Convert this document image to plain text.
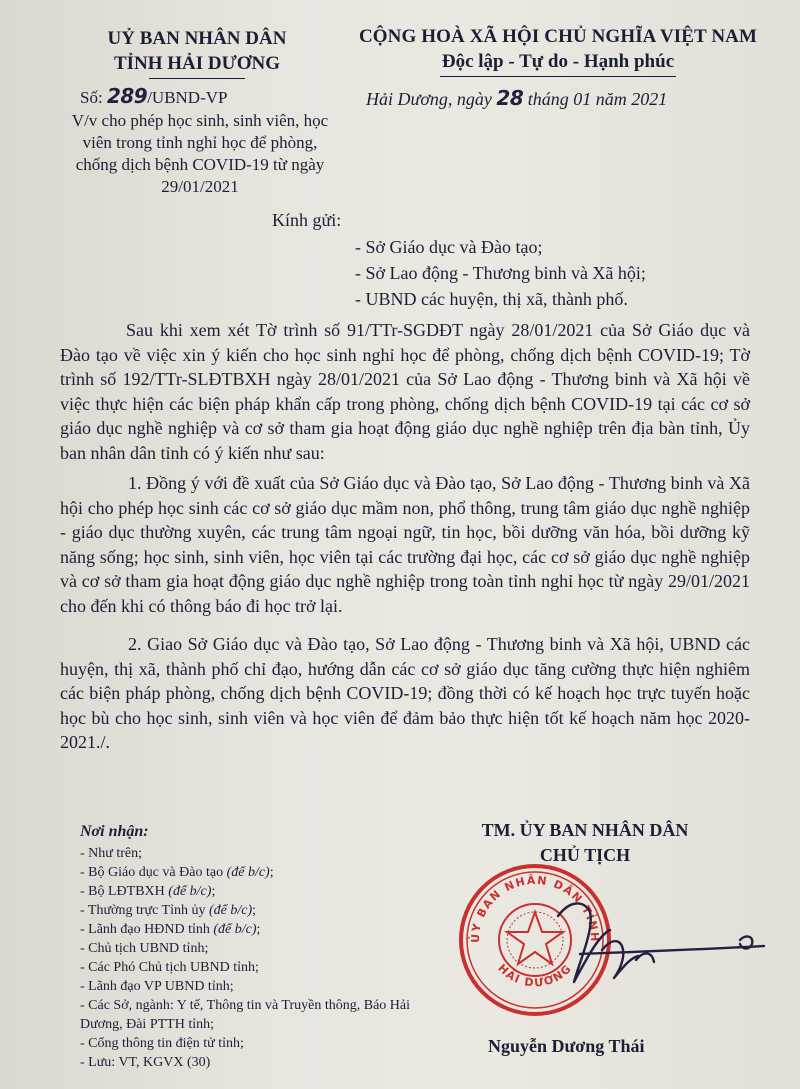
UỶ BAN NHÂN DÂN
TỈNH HẢI DƯƠNG
CỘNG HOÀ XÃ HỘI CHỦ NGHĨA VIỆT NAM
Độc lập - Tự do - Hạnh phúc
Số: 289/UBND-VP
V/v cho phép học sinh, sinh viên, học viên trong tỉnh nghỉ học để phòng, chống dịch bệnh COVID-19 từ ngày 29/01/2021
Hải Dương, ngày 28 tháng 01 năm 2021
Kính gửi:
- Sở Giáo dục và Đào tạo;
- Sở Lao động - Thương binh và Xã hội;
- UBND các huyện, thị xã, thành phố.

Sau khi xem xét Tờ trình số 91/TTr-SGDĐT ngày 28/01/2021 của Sở Giáo dục và Đào tạo về việc xin ý kiến cho học sinh nghỉ học để phòng, chống dịch bệnh COVID-19; Tờ trình số 192/TTr-SLĐTBXH ngày 28/01/2021 của Sở Lao động - Thương binh và Xã hội về việc thực hiện các biện pháp khẩn cấp trong phòng, chống dịch bệnh COVID-19 tại các cơ sở giáo dục nghề nghiệp và cơ sở tham gia hoạt động giáo dục nghề nghiệp trên địa bàn tỉnh, Ủy ban nhân dân tỉnh có ý kiến như sau:

1. Đồng ý với đề xuất của Sở Giáo dục và Đào tạo, Sở Lao động - Thương binh và Xã hội cho phép học sinh các cơ sở giáo dục mầm non, phổ thông, trung tâm giáo dục nghề nghiệp - giáo dục thường xuyên, các trung tâm ngoại ngữ, tin học, bồi dưỡng văn hóa, bồi dưỡng kỹ năng sống; học sinh, sinh viên, học viên tại các trường đại học, các cơ sở giáo dục nghề nghiệp và cơ sở tham gia hoạt động giáo dục nghề nghiệp trong toàn tỉnh nghỉ học từ ngày 29/01/2021 cho đến khi có thông báo đi học trở lại.

2. Giao Sở Giáo dục và Đào tạo, Sở Lao động - Thương binh và Xã hội, UBND các huyện, thị xã, thành phố chỉ đạo, hướng dẫn các cơ sở giáo dục tăng cường thực hiện nghiêm các biện pháp phòng, chống dịch bệnh COVID-19; đồng thời có kế hoạch học trực tuyến hoặc học bù cho học sinh, sinh viên và học viên để đảm bảo thực hiện tốt kế hoạch năm học 2020-2021./.

Nơi nhận:
- Như trên;
- Bộ Giáo dục và Đào tạo (để b/c);
- Bộ LĐTBXH (để b/c);
- Thường trực Tỉnh ủy (để b/c);
- Lãnh đạo HĐND tỉnh (để b/c);
- Chủ tịch UBND tỉnh;
- Các Phó Chủ tịch UBND tỉnh;
- Lãnh đạo VP UBND tỉnh;
- Các Sở, ngành: Y tế, Thông tin và Truyền thông, Báo Hải Dương, Đài PTTH tỉnh;
- Cổng thông tin điện tử tỉnh;
- Lưu: VT, KGVX (30)
TM. ỦY BAN NHÂN DÂN
CHỦ TỊCH
ỦY BAN NHÂN DÂN TỈNH
HẢI DƯƠNG
Nguyễn Dương Thái
